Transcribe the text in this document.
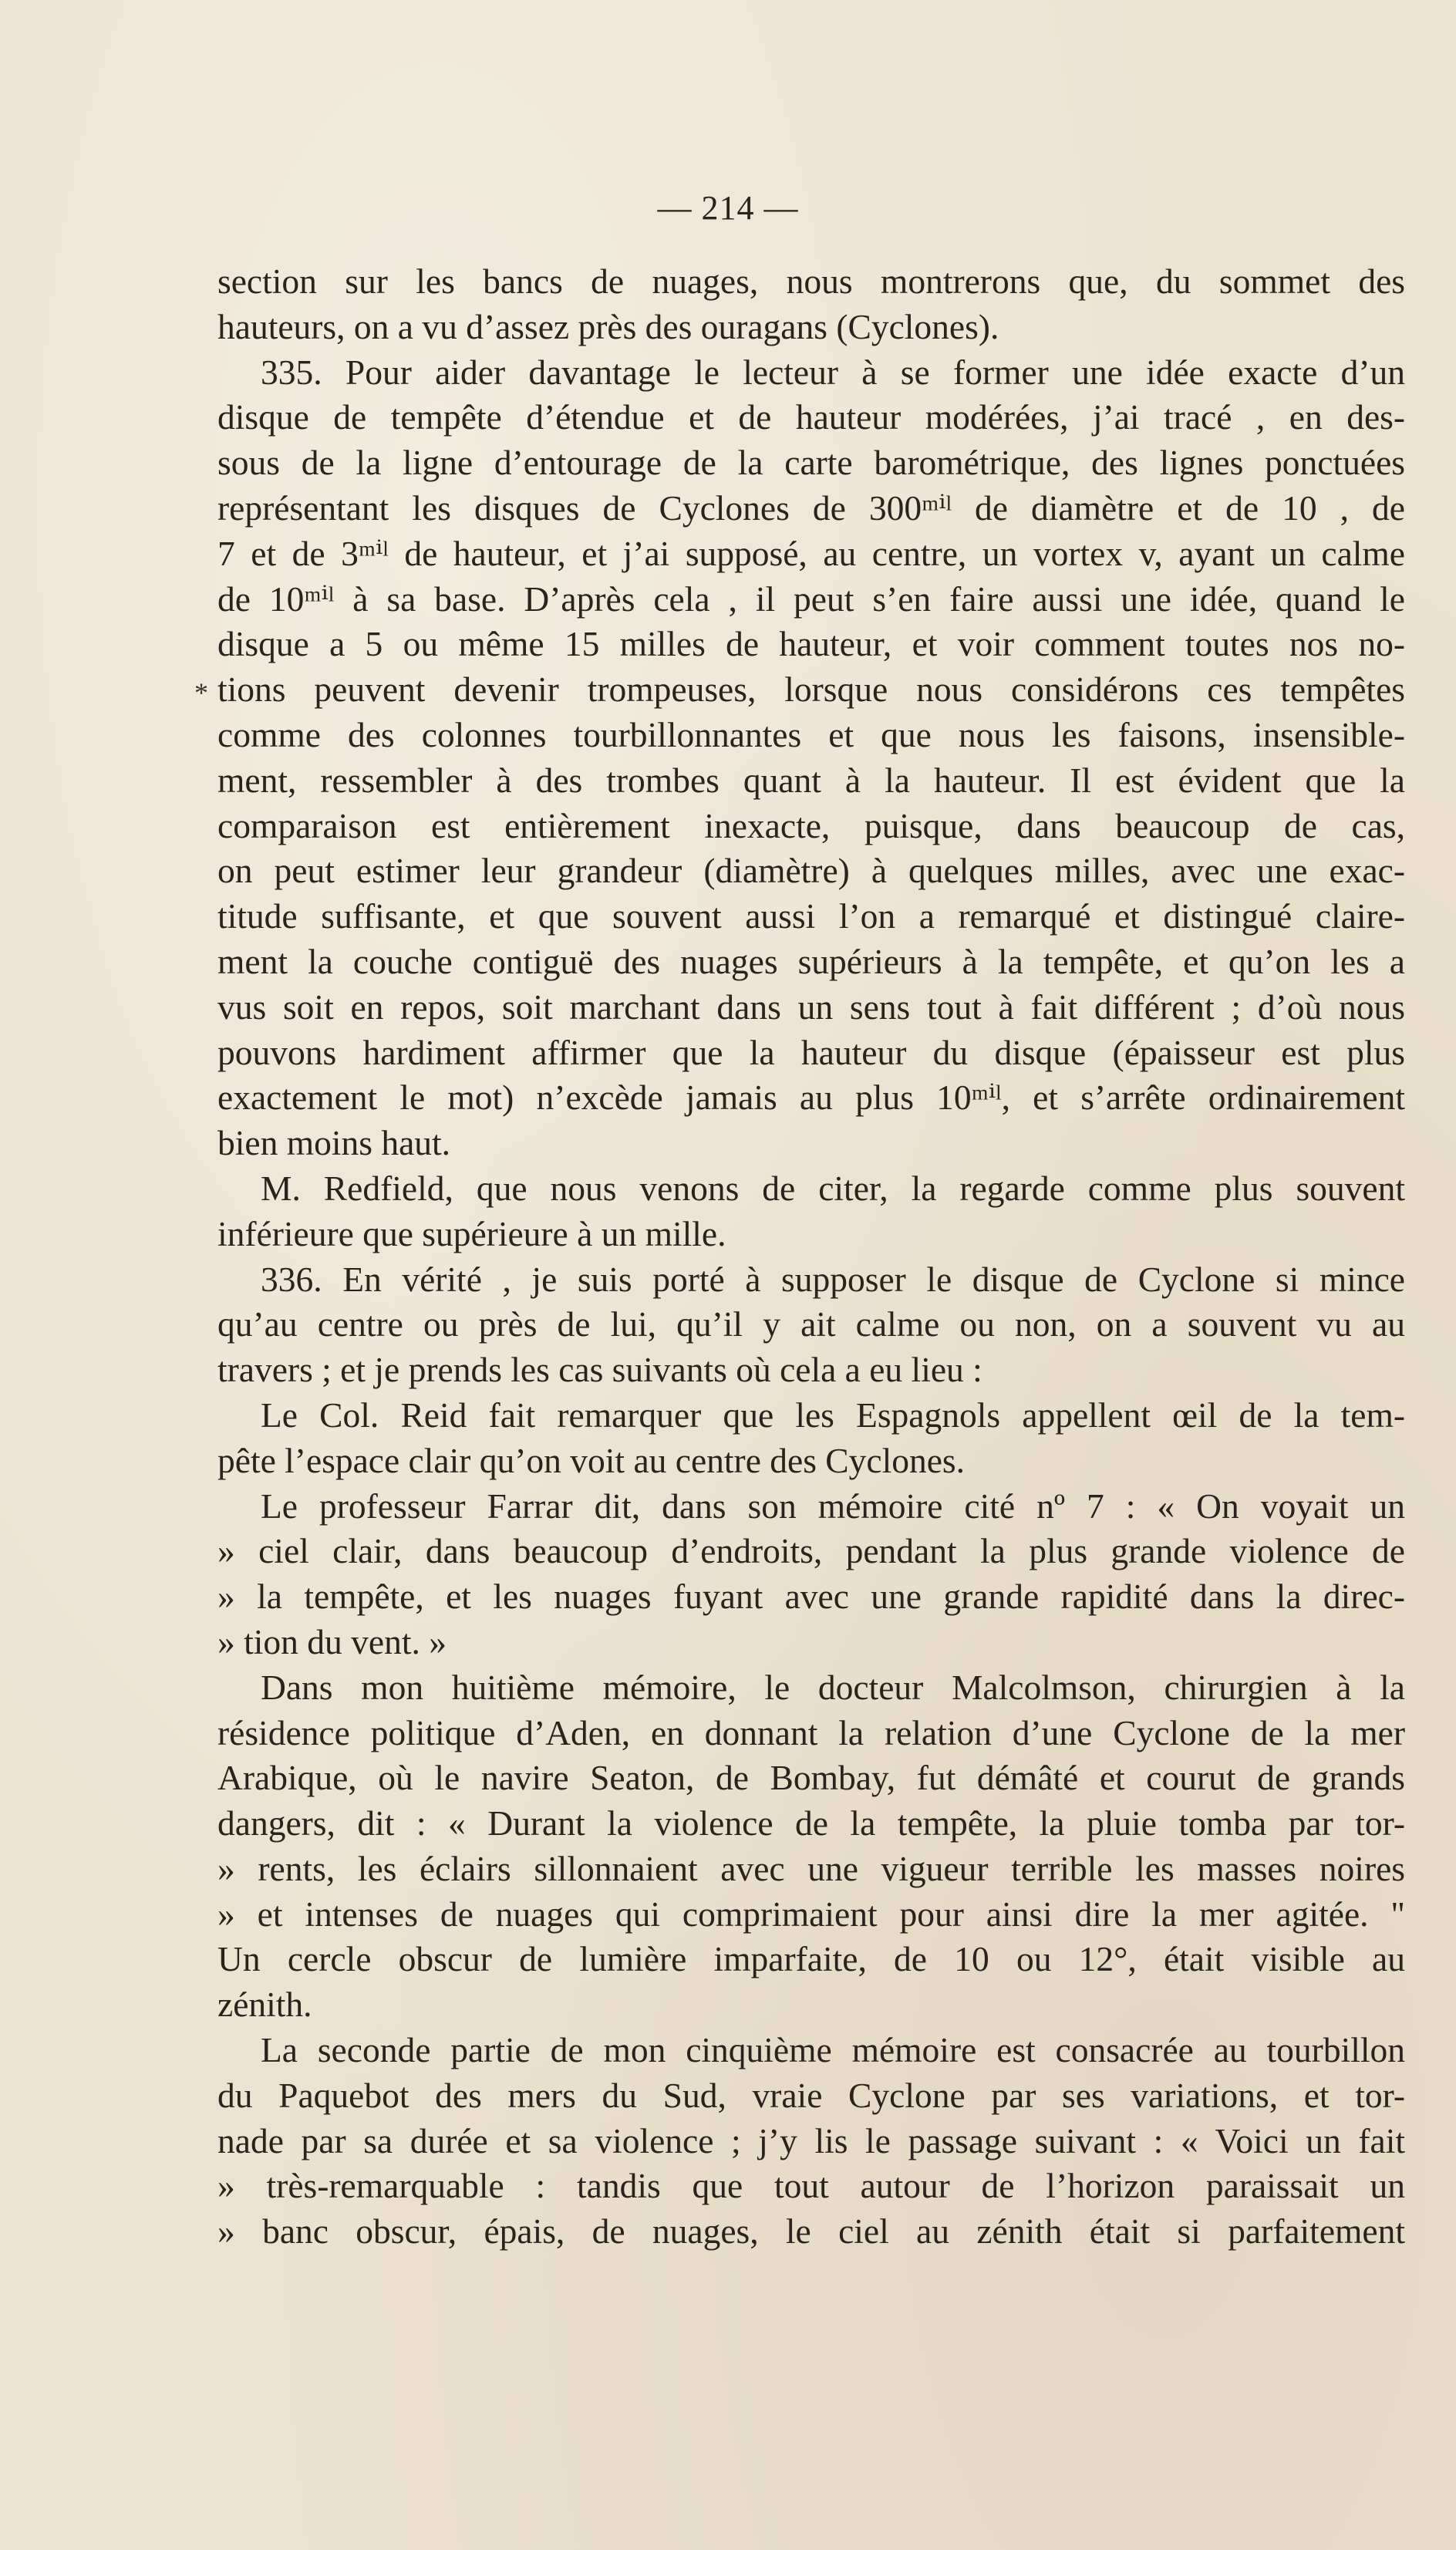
— 214 —
*
section sur les bancs de nuages, nous montrerons que, du sommet des
hauteurs, on a vu d’assez près des ouragans (Cyclones).
335. Pour aider davantage le lecteur à se former une idée exacte d’un
disque de tempête d’étendue et de hauteur modérées, j’ai tracé , en des-
sous de la ligne d’entourage de la carte barométrique, des lignes ponctuées
représentant les disques de Cyclones de 300ᵐⁱˡ de diamètre et de 10 , de
7 et de 3ᵐⁱˡ de hauteur, et j’ai supposé, au centre, un vortex v, ayant un calme
de 10ᵐⁱˡ à sa base. D’après cela , il peut s’en faire aussi une idée, quand le
disque a 5 ou même 15 milles de hauteur, et voir comment toutes nos no-
tions peuvent devenir trompeuses, lorsque nous considérons ces tempêtes
comme des colonnes tourbillonnantes et que nous les faisons, insensible-
ment, ressembler à des trombes quant à la hauteur. Il est évident que la
comparaison est entièrement inexacte, puisque, dans beaucoup de cas,
on peut estimer leur grandeur (diamètre) à quelques milles, avec une exac-
titude suffisante, et que souvent aussi l’on a remarqué et distingué claire-
ment la couche contiguë des nuages supérieurs à la tempête, et qu’on les a
vus soit en repos, soit marchant dans un sens tout à fait différent ; d’où nous
pouvons hardiment affirmer que la hauteur du disque (épaisseur est plus
exactement le mot) n’excède jamais au plus 10ᵐⁱˡ, et s’arrête ordinairement
bien moins haut.
M. Redfield, que nous venons de citer, la regarde comme plus souvent
inférieure que supérieure à un mille.
336. En vérité , je suis porté à supposer le disque de Cyclone si mince
qu’au centre ou près de lui, qu’il y ait calme ou non, on a souvent vu au
travers ; et je prends les cas suivants où cela a eu lieu :
Le Col. Reid fait remarquer que les Espagnols appellent œil de la tem-
pête l’espace clair qu’on voit au centre des Cyclones.
Le professeur Farrar dit, dans son mémoire cité nº 7 : « On voyait un
» ciel clair, dans beaucoup d’endroits, pendant la plus grande violence de
» la tempête, et les nuages fuyant avec une grande rapidité dans la direc-
» tion du vent. »
Dans mon huitième mémoire, le docteur Malcolmson, chirurgien à la
résidence politique d’Aden, en donnant la relation d’une Cyclone de la mer
Arabique, où le navire Seaton, de Bombay, fut démâté et courut de grands
dangers, dit : « Durant la violence de la tempête, la pluie tomba par tor-
» rents, les éclairs sillonnaient avec une vigueur terrible les masses noires
» et intenses de nuages qui comprimaient pour ainsi dire la mer agitée. "
Un cercle obscur de lumière imparfaite, de 10 ou 12°, était visible au
zénith.
La seconde partie de mon cinquième mémoire est consacrée au tourbillon
du Paquebot des mers du Sud, vraie Cyclone par ses variations, et tor-
nade par sa durée et sa violence ; j’y lis le passage suivant : « Voici un fait
» très-remarquable : tandis que tout autour de l’horizon paraissait un
» banc obscur, épais, de nuages, le ciel au zénith était si parfaitement
